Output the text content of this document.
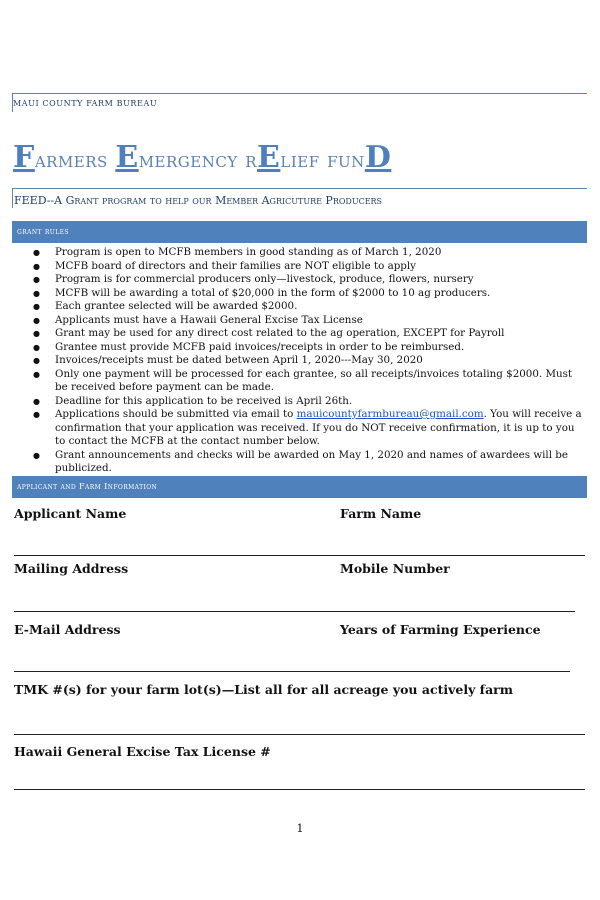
MAUI COUNTY FARM BUREAU
Farmers Emergency rElief funD
FEED--A Grant program to help our Member Agricuture Producers
grant rules
● Program is open to MCFB members in good standing as of March 1, 2020
● MCFB board of directors and their families are NOT eligible to apply
● Program is for commercial producers only—livestock, produce, flowers, nursery
● MCFB will be awarding a total of $20,000 in the form of $2000 to 10 ag producers.
● Each grantee selected will be awarded $2000.
● Applicants must have a Hawaii General Excise Tax License
● Grant may be used for any direct cost related to the ag operation, EXCEPT for Payroll
● Grantee must provide MCFB paid invoices/receipts in order to be reimbursed.
● Invoices/receipts must be dated between April 1, 2020---May 30, 2020
● Only one payment will be processed for each grantee, so all receipts/invoices totaling $2000. Must be received before payment can be made.
● Deadline for this application to be received is April 26th.
● Applications should be submitted via email to mauicountyfarmbureau@gmail.com. You will receive a confirmation that your application was received. If you do NOT receive confirmation, it is up to you to contact the MCFB at the contact number below.
● Grant announcements and checks will be awarded on May 1, 2020 and names of awardees will be publicized.
applicant and Farm Information
Applicant Name	Farm Name
Mailing Address	Mobile Number
E-Mail Address	Years of Farming Experience
TMK #(s) for your farm lot(s)—List all for all acreage you actively farm
Hawaii General Excise Tax License #
1
